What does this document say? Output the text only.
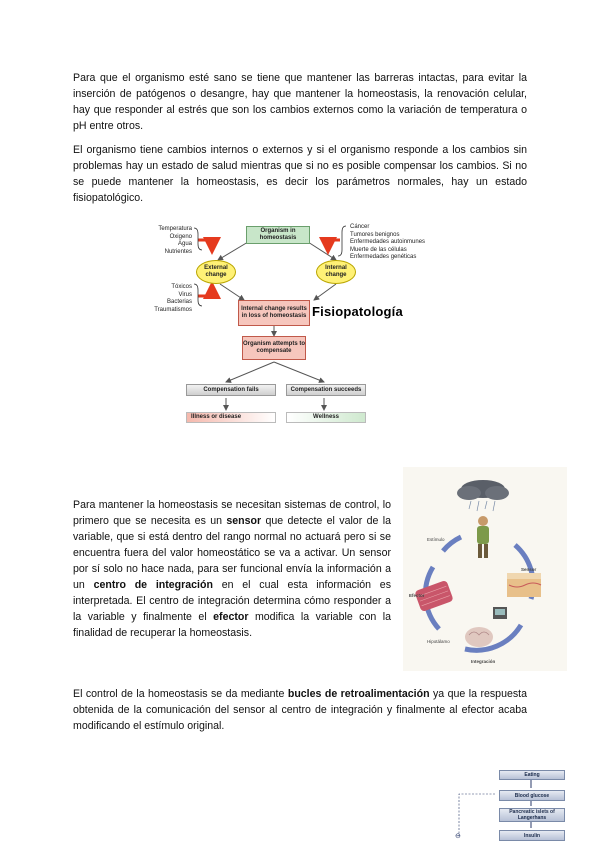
Para que el organismo esté sano se tiene que mantener las barreras intactas, para evitar la inserción de patógenos o desangre, hay que mantener la homeostasis, la renovación celular, hay que responder al estrés que son los cambios externos como la variación de temperatura o pH entre otros.

El organismo tiene cambios internos o externos y si el organismo responde a los cambios sin problemas hay un estado de salud mientras que si no es posible compensar los cambios. Si no se puede mantener la homeostasis, es decir los parámetros normales, hay un estado fisiopatológico.

Organism in homeostasis
External change
Internal change
Internal change results in loss of homeostasis
Organism attempts to compensate
Compensation fails	Compensation succeeds
Illness or disease	Wellness
Temperatura
Oxigeno
Agua
Nutrientes
Tóxicos
Virus
Bacterias
Traumatismos
Cáncer
Tumores benignos
Enfermedades autoinmunes
Muerte de las células
Enfermedades genéticas
Fisiopatología

Para mantener la homeostasis se necesitan sistemas de control, lo primero que se necesita es un sensor que detecte el valor de la variable, que si está dentro del rango normal no actuará pero si se encuentra fuera del valor homeostático se va a activar. Un sensor por sí solo no hace nada, para ser funcional envía la información a un centro de integración en el cual esta información es interpretada. El centro de integración determina cómo responder a la variable y finalmente el efector modifica la variable con la finalidad de recuperar la homeostasis.

Efector
Sensor
Integración
Hipotálamo
Estímulo

El control de la homeostasis se da mediante bucles de retroalimentación ya que la respuesta obtenida de la comunicación del sensor al centro de integración y finalmente al efector acaba modificando el estímulo original.

Eating
Blood glucose
Pancreatic islets of Langerhans
Insulin
⊖
